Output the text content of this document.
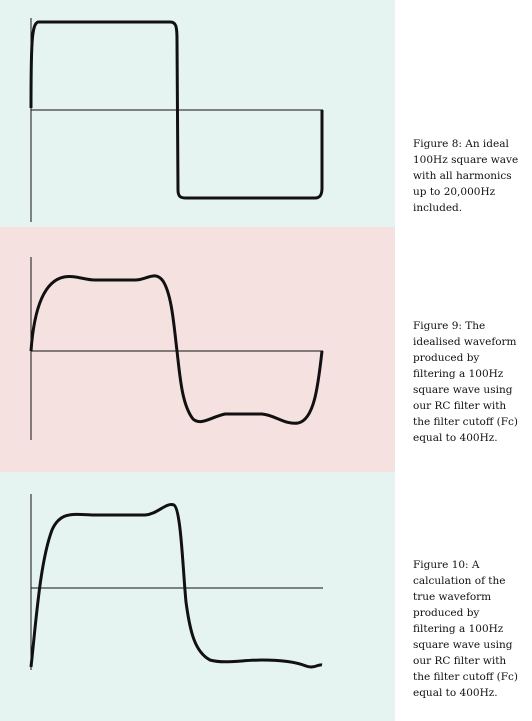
Figure 8: An ideal 100Hz square wave with all harmonics up to 20,000Hz included.
Figure 9: The idealised waveform produced by filtering a 100Hz square wave using our RC filter with the filter cutoff (Fc) equal to 400Hz.
Figure 10: A calculation of the true waveform produced by filtering a 100Hz square wave using our RC filter with the filter cutoff (Fc) equal to 400Hz.
